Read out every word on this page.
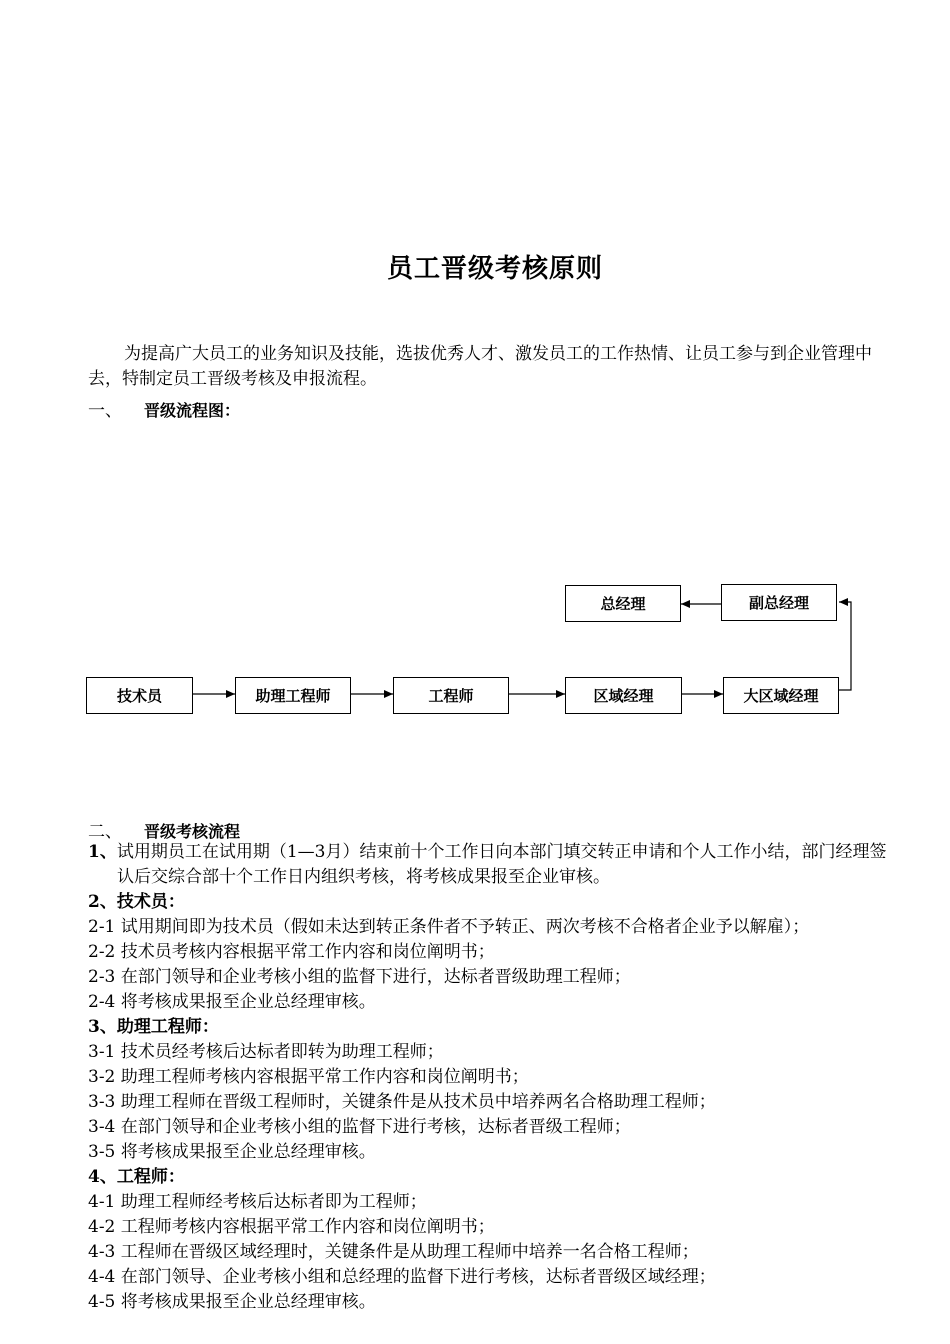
员工晋级考核原则
为提高广大员工的业务知识及技能，选拔优秀人才、激发员工的工作热情、让员工参与到企业管理中去，特制定员工晋级考核及申报流程。
一、 晋级流程图：
技术员	助理工程师	工程师	区域经理	大区域经理
副总经理
总经理
二、 晋级考核流程
1、试用期员工在试用期（1—3月）结束前十个工作日向本部门填交转正申请和个人工作小结，部门经理签认后交综合部十个工作日内组织考核，将考核成果报至企业审核。
2、技术员：
2-1 试用期间即为技术员（假如未达到转正条件者不予转正、两次考核不合格者企业予以解雇）；
2-2 技术员考核内容根据平常工作内容和岗位阐明书；
2-3 在部门领导和企业考核小组的监督下进行，达标者晋级助理工程师；
2-4 将考核成果报至企业总经理审核。
3、助理工程师：
3-1 技术员经考核后达标者即转为助理工程师；
3-2 助理工程师考核内容根据平常工作内容和岗位阐明书；
3-3 助理工程师在晋级工程师时，关键条件是从技术员中培养两名合格助理工程师；
3-4 在部门领导和企业考核小组的监督下进行考核，达标者晋级工程师；
3-5 将考核成果报至企业总经理审核。
4、工程师：
4-1 助理工程师经考核后达标者即为工程师；
4-2 工程师考核内容根据平常工作内容和岗位阐明书；
4-3 工程师在晋级区域经理时，关键条件是从助理工程师中培养一名合格工程师；
4-4 在部门领导、企业考核小组和总经理的监督下进行考核，达标者晋级区域经理；
4-5 将考核成果报至企业总经理审核。
